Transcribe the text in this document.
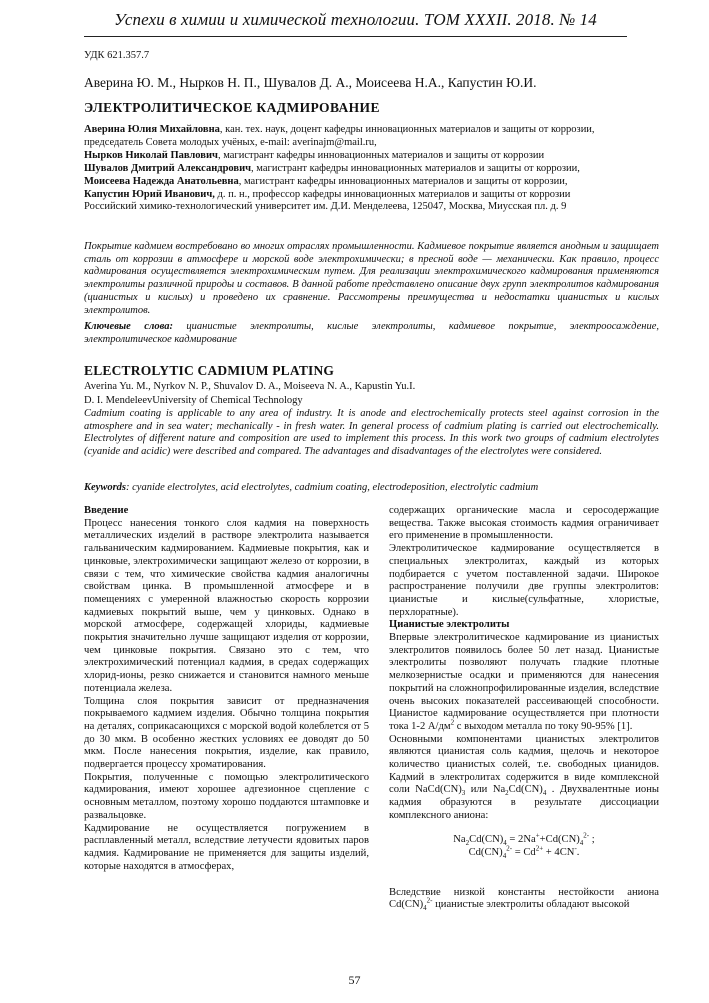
Успехи в химии и химической технологии. ТОМ XXXII. 2018. № 14
УДК 621.357.7
Аверина Ю. М., Нырков Н. П., Шувалов Д. А., Моисеева Н.А., Капустин Ю.И.
ЭЛЕКТРОЛИТИЧЕСКОЕ КАДМИРОВАНИЕ
Аверина Юлия Михайловна, кан. тех. наук, доцент кафедры инновационных материалов и защиты от коррозии,
председатель Совета молодых учёных, e-mail: averinajm@mail.ru,
Нырков Николай Павлович, магистрант кафедры инновационных материалов и защиты от коррозии
Шувалов Дмитрий Александрович, магистрант кафедры инновационных материалов и защиты от коррозии,
Моисеева Надежда Анатольевна, магистрант кафедры инновационных материалов и защиты от коррозии,
Капустин Юрий Иванович, д. п. н., профессор кафедры инновационных материалов и защиты от коррозии
Российский химико-технологический университет им. Д.И. Менделеева, 125047, Москва, Миусская пл. д. 9
Покрытие кадмием востребовано во многих отраслях промышленности. Кадмиевое покрытие является анодным и защищает сталь от коррозии в атмосфере и морской воде электрохимически; в пресной воде — механически. Как правило, процесс кадмирования осуществляется электрохимическим путем. Для реализации электрохимического кадмирования применяются электролиты различной природы и составов. В данной работе представлено описание двух групп электролитов кадмирования (цианистых и кислых) и проведено их сравнение. Рассмотрены преимущества и недостатки цианистых и кислых электролитов.
Ключевые слова: цианистые электролиты, кислые электролиты, кадмиевое покрытие, электроосаждение, электролитическое кадмирование
ELECTROLYTIC CADMIUM PLATING
Averina Yu. M., Nyrkov N. P., Shuvalov D. A., Moiseeva N. A., Kapustin Yu.I.
D. I. MendeleevUniversity of Chemical Technology
Cadmium coating is applicable to any area of industry. It is anode and electrochemically protects steel against corrosion in the atmosphere and in sea water; mechanically - in fresh water. In general process of cadmium plating is carried out electrochemically. Electrolytes of different nature and composition are used to implement this process. In this work two groups of cadmium electrolytes (cyanide and acidic) were described and compared. The advantages and disadvantages of the electrolytes were considered.
Keywords: cyanide electrolytes, acid electrolytes, cadmium coating, electrodeposition, electrolytic cadmium

Введение

Процесс нанесения тонкого слоя кадмия на поверхность металлических изделий в растворе электролита называется гальваническим кадмированием. Кадмиевые покрытия, как и цинковые, электрохимически защищают железо от коррозии, в связи с тем, что химические свойства кадмия аналогичны свойствам цинка. В промышленной атмосфере и в помещениях с умеренной влажностью скорость коррозии кадмиевых покрытий выше, чем у цинковых. Однако в морской атмосфере, содержащей хлориды, кадмиевые покрытия значительно лучше защищают изделия от коррозии, чем цинковые покрытия. Связано это с тем, что электрохимический потенциал кадмия, в средах содержащих хлорид-ионы, резко снижается и становится намного меньше потенциала железа.

Толщина слоя покрытия зависит от предназначения покрываемого кадмием изделия. Обычно толщина покрытия на деталях, соприкасающихся с морской водой колеблется от 5 до 30 мкм. В особенно жестких условиях ее доводят до 50 мкм. После нанесения покрытия, изделие, как правило, подвергается процессу хроматирования.

Покрытия, полученные с помощью электролитического кадмирования, имеют хорошее адгезионное сцепление с основным металлом, поэтому хорошо поддаются штамповке и развальцовке.

Кадмирование не осуществляется погружением в расплавленный металл, вследствие летучести ядовитых паров кадмия. Кадмирование не применяется для защиты изделий, которые находятся в атмосферах,

содержащих органические масла и серосодержащие вещества. Также высокая стоимость кадмия ограничивает его применение в промышленности.

Электролитическое кадмирование осуществляется в специальных электролитах, каждый из которых подбирается с учетом поставленной задачи. Широкое распространение получили две группы электролитов: цианистые и кислые(сульфатные, хлористые, перхлоратные).

Цианистые электролиты

Впервые электролитическое кадмирование из цианистых электролитов появилось более 50 лет назад. Цианистые электролиты позволяют получать гладкие плотные мелкозернистые осадки и применяются для нанесения покрытий на сложнопрофилированные изделия, вследствие очень высоких показателей рассеивающей способности. Цианистое кадмирование осуществляется при плотности тока 1-2 $А/дм^2$ с выходом металла по току 90-95% [1].

Основными компонентами цианистых электролитов являются цианистая соль кадмия, щелочь и некоторое количество цианистых солей, т.е. свободных цианидов. Кадмий в электролитах содержится в виде комплексной соли $NaCd(CN)_3$ или $Na_2Cd(CN)_4$ . Двухвалентные ионы кадмия образуются в результате диссоциации комплексного аниона:

$Na_2Cd(CN)_4 = 2Na^++Cd(CN)_4^{2-}$ ;
$Cd(CN)_4^{2-} = Cd^{2+} + 4CN^-$.

Вследствие низкой константы нестойкости аниона $Cd(CN)_4^{2-}$ цианистые электролиты обладают высокой

57
